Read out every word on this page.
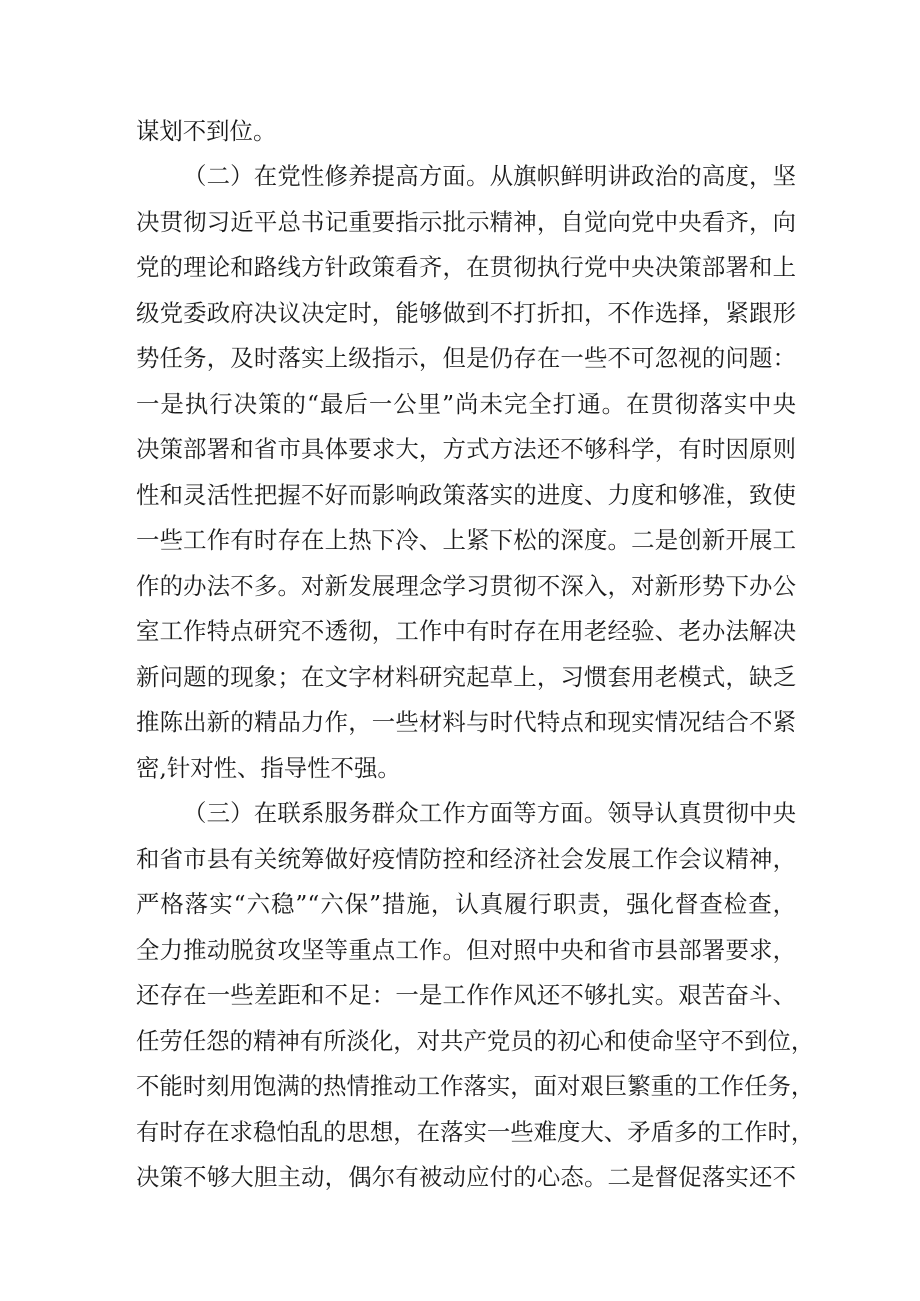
谋划不到位。
（二）在党性修养提高方面。从旗帜鲜明讲政治的高度，坚
决贯彻习近平总书记重要指示批示精神，自觉向党中央看齐，向
党的理论和路线方针政策看齐，在贯彻执行党中央决策部署和上
级党委政府决议决定时，能够做到不打折扣，不作选择，紧跟形
势任务，及时落实上级指示，但是仍存在一些不可忽视的问题：
一是执行决策的“最后一公里”尚未完全打通。在贯彻落实中央
决策部署和省市具体要求大，方式方法还不够科学，有时因原则
性和灵活性把握不好而影响政策落实的进度、力度和够准，致使
一些工作有时存在上热下冷、上紧下松的深度。二是创新开展工
作的办法不多。对新发展理念学习贯彻不深入，对新形势下办公
室工作特点研究不透彻，工作中有时存在用老经验、老办法解决
新问题的现象；在文字材料研究起草上，习惯套用老模式，缺乏
推陈出新的精品力作，一些材料与时代特点和现实情况结合不紧
密,针对性、指导性不强。
（三）在联系服务群众工作方面等方面。领导认真贯彻中央
和省市县有关统筹做好疫情防控和经济社会发展工作会议精神，
严格落实“六稳”“六保”措施，认真履行职责，强化督查检查，
全力推动脱贫攻坚等重点工作。但对照中央和省市县部署要求，
还存在一些差距和不足：一是工作作风还不够扎实。艰苦奋斗、
任劳任怨的精神有所淡化，对共产党员的初心和使命坚守不到位，
不能时刻用饱满的热情推动工作落实，面对艰巨繁重的工作任务，
有时存在求稳怕乱的思想，在落实一些难度大、矛盾多的工作时，
决策不够大胆主动，偶尔有被动应付的心态。二是督促落实还不
